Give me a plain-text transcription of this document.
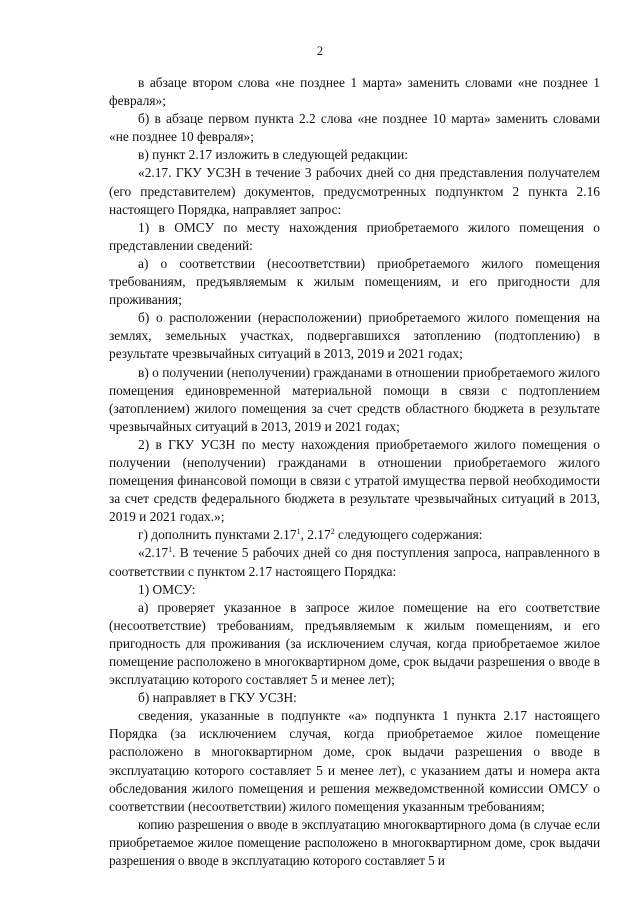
2

в абзаце втором слова «не позднее 1 марта» заменить словами «не позднее 1 февраля»;

б) в абзаце первом пункта 2.2 слова «не позднее 10 марта» заменить словами «не позднее 10 февраля»;

в) пункт 2.17 изложить в следующей редакции:

«2.17. ГКУ УСЗН в течение 3 рабочих дней со дня представления получателем (его представителем) документов, предусмотренных подпунктом 2 пункта 2.16 настоящего Порядка, направляет запрос:

1) в ОМСУ по месту нахождения приобретаемого жилого помещения о представлении сведений:

а) о соответствии (несоответствии) приобретаемого жилого помещения требованиям, предъявляемым к жилым помещениям, и его пригодности для проживания;

б) о расположении (нерасположении) приобретаемого жилого помещения на землях, земельных участках, подвергавшихся затоплению (подтоплению) в результате чрезвычайных ситуаций в 2013, 2019 и 2021 годах;

в) о получении (неполучении) гражданами в отношении приобретаемого жилого помещения единовременной материальной помощи в связи с подтоплением (затоплением) жилого помещения за счет средств областного бюджета в результате чрезвычайных ситуаций в 2013, 2019 и 2021 годах;

2) в ГКУ УСЗН по месту нахождения приобретаемого жилого помещения о получении (неполучении) гражданами в отношении приобретаемого жилого помещения финансовой помощи в связи с утратой имущества первой необходимости за счет средств федерального бюджета в результате чрезвычайных ситуаций в 2013, 2019 и 2021 годах.»;

г) дополнить пунктами 2.17$^1$, 2.17$^2$ следующего содержания:

«2.17$^1$. В течение 5 рабочих дней со дня поступления запроса, направленного в соответствии с пунктом 2.17 настоящего Порядка:

1) ОМСУ:

а) проверяет указанное в запросе жилое помещение на его соответствие (несоответствие) требованиям, предъявляемым к жилым помещениям, и его пригодность для проживания (за исключением случая, когда приобретаемое жилое помещение расположено в многоквартирном доме, срок выдачи разрешения о вводе в эксплуатацию которого составляет 5 и менее лет);

б) направляет в ГКУ УСЗН:

сведения, указанные в подпункте «а» подпункта 1 пункта 2.17 настоящего Порядка (за исключением случая, когда приобретаемое жилое помещение расположено в многоквартирном доме, срок выдачи разрешения о вводе в эксплуатацию которого составляет 5 и менее лет), с указанием даты и номера акта обследования жилого помещения и решения межведомственной комиссии ОМСУ о соответствии (несоответствии) жилого помещения указанным требованиям;

копию разрешения о вводе в эксплуатацию многоквартирного дома (в случае если приобретаемое жилое помещение расположено в многоквартирном доме, срок выдачи разрешения о вводе в эксплуатацию которого составляет 5 и
